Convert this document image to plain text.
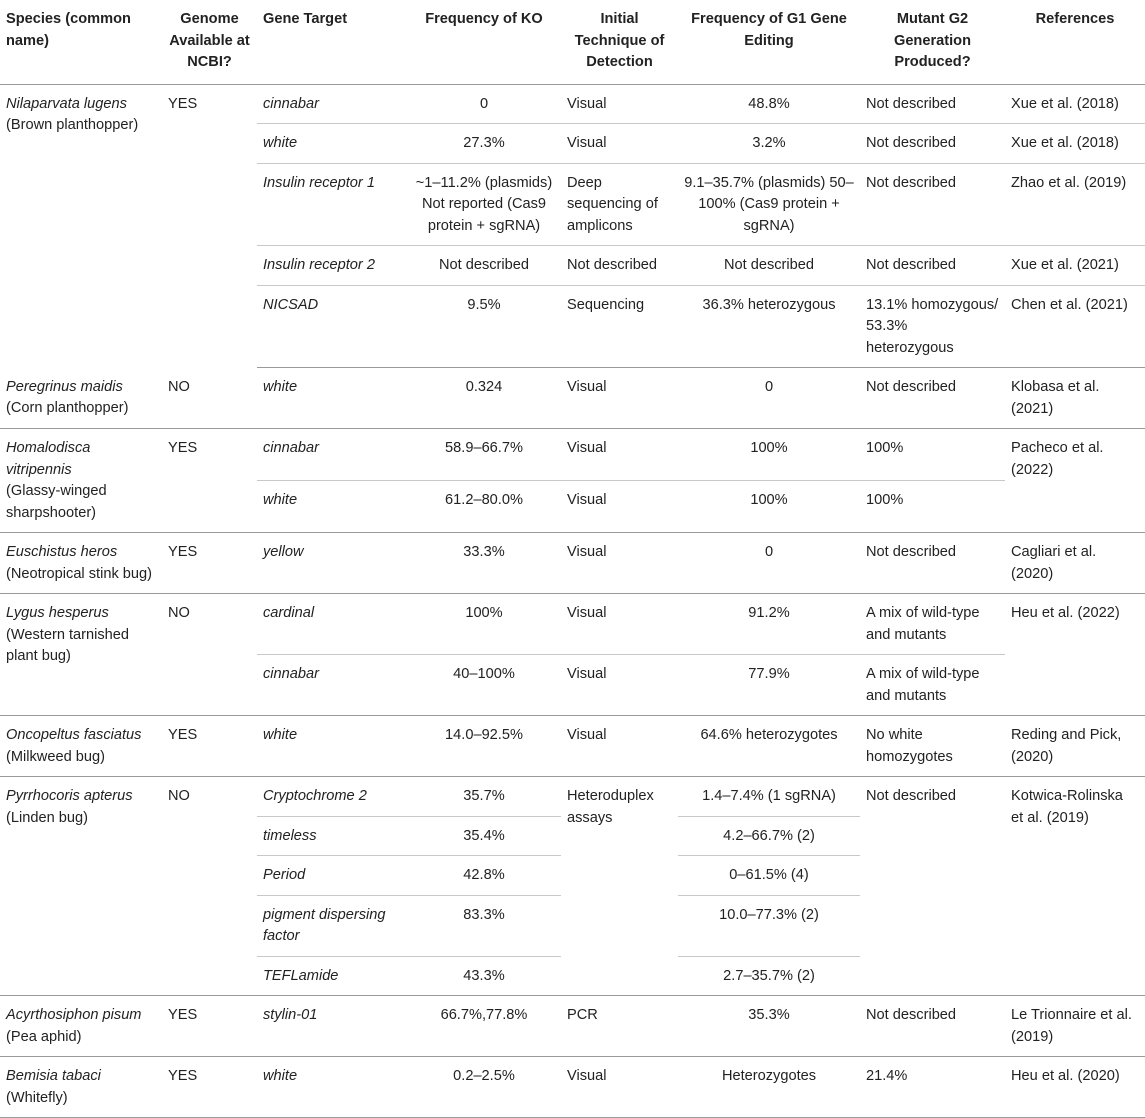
Species (common name)	Genome Available at NCBI?	Gene Target	Frequency of KO	Initial Technique of Detection	Frequency of G1 Gene Editing	Mutant G2 Generation Produced?	References

Nilaparvata lugens
(Brown planthopper)	YES	cinnabar	0	Visual	48.8%	Not described	Xue et al. (2018)
		white	27.3%	Visual	3.2%	Not described	Xue et al. (2018)
		Insulin receptor 1	~1–11.2% (plasmids) Not reported (Cas9 protein + sgRNA)	Deep sequencing of amplicons	9.1–35.7% (plasmids) 50–100% (Cas9 protein + sgRNA)	Not described	Zhao et al. (2019)
		Insulin receptor 2	Not described	Not described	Not described	Not described	Xue et al. (2021)
		NICSAD	9.5%	Sequencing	36.3% heterozygous	13.1% homozygous/ 53.3% heterozygous	Chen et al. (2021)

Peregrinus maidis
(Corn planthopper)	NO	white	0.324	Visual	0	Not described	Klobasa et al. (2021)

Homalodisca vitripennis
(Glassy-winged sharpshooter)	YES	cinnabar	58.9–66.7%	Visual	100%	100%	Pacheco et al. (2022)
		white	61.2–80.0%	Visual	100%	100%	

Euschistus heros
(Neotropical stink bug)	YES	yellow	33.3%	Visual	0	Not described	Cagliari et al. (2020)

Lygus hesperus
(Western tarnished plant bug)	NO	cardinal	100%	Visual	91.2%	A mix of wild-type and mutants	Heu et al. (2022)
		cinnabar	40–100%	Visual	77.9%	A mix of wild-type and mutants	

Oncopeltus fasciatus
(Milkweed bug)	YES	white	14.0–92.5%	Visual	64.6% heterozygotes	No white homozygotes	Reding and Pick, (2020)

Pyrrhocoris apterus
(Linden bug)	NO	Cryptochrome 2	35.7%	Heteroduplex assays	1.4–7.4% (1 sgRNA)	Not described	Kotwica-Rolinska et al. (2019)
		timeless	35.4%		4.2–66.7% (2)		
		Period	42.8%		0–61.5% (4)		
		pigment dispersing factor	83.3%		10.0–77.3% (2)		
		TEFLamide	43.3%		2.7–35.7% (2)		

Acyrthosiphon pisum
(Pea aphid)	YES	stylin-01	66.7%,77.8%	PCR	35.3%	Not described	Le Trionnaire et al. (2019)

Bemisia tabaci
(Whitefly)	YES	white	0.2–2.5%	Visual	Heterozygotes	21.4%	Heu et al. (2020)
